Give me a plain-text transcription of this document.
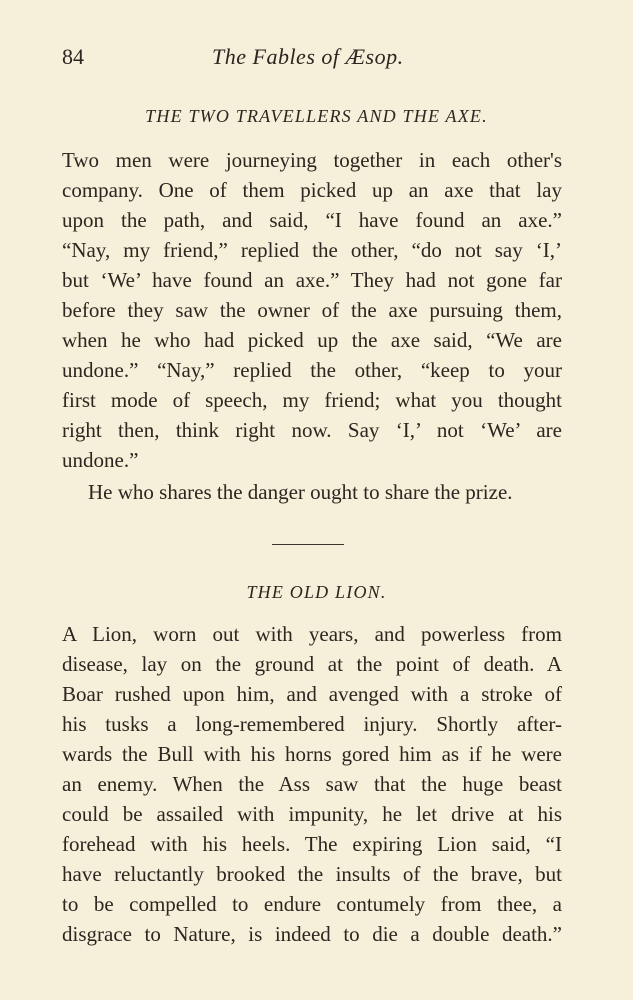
84	The Fables of Æsop.
THE TWO TRAVELLERS AND THE AXE.
Two men were journeying together in each other's
company. One of them picked up an axe that lay
upon the path, and said, “I have found an axe.”
“Nay, my friend,” replied the other, “do not say ‘I,’
but ‘We’ have found an axe.” They had not gone far
before they saw the owner of the axe pursuing them,
when he who had picked up the axe said, “We are
undone.” “Nay,” replied the other, “keep to your
first mode of speech, my friend; what you thought
right then, think right now. Say ‘I,’ not ‘We’ are
undone.”
He who shares the danger ought to share the prize.
THE OLD LION.
A Lion, worn out with years, and powerless from
disease, lay on the ground at the point of death. A
Boar rushed upon him, and avenged with a stroke of
his tusks a long-remembered injury. Shortly after-
wards the Bull with his horns gored him as if he were
an enemy. When the Ass saw that the huge beast
could be assailed with impunity, he let drive at his
forehead with his heels. The expiring Lion said, “I
have reluctantly brooked the insults of the brave, but
to be compelled to endure contumely from thee, a
disgrace to Nature, is indeed to die a double death.”
